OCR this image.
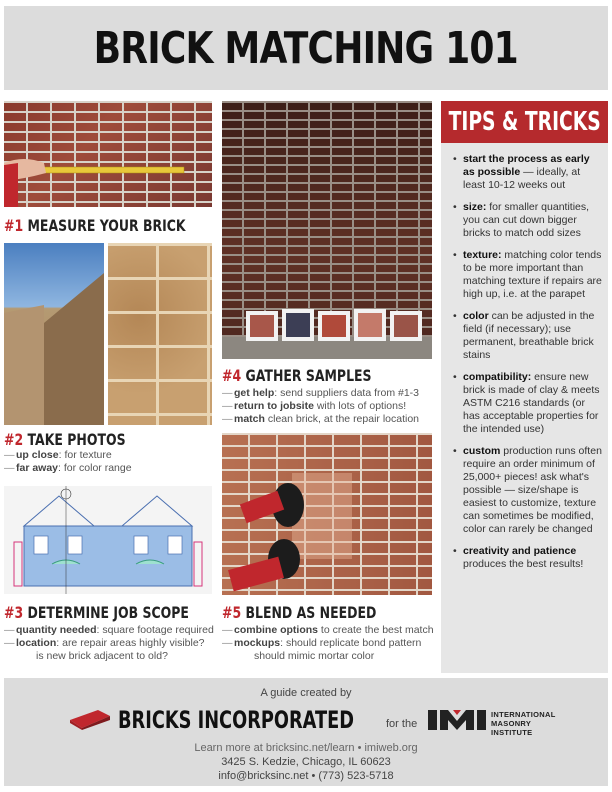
BRICK MATCHING 101
#1 MEASURE YOUR BRICK
#2 TAKE PHOTOS
— up close: for texture
— far away: for color range
#3 DETERMINE JOB SCOPE
— quantity needed: square footage required
— location: are repair areas highly visible?
is new brick adjacent to old?
#4 GATHER SAMPLES
— get help: send suppliers data from #1-3
— return to jobsite with lots of options!
— match clean brick, at the repair location
#5 BLEND AS NEEDED
— combine options to create the best match
— mockups: should replicate bond pattern
should mimic mortar color
TIPS & TRICKS
• start the process as early as possible — ideally, at least 10-12 weeks out
• size: for smaller quantities, you can cut down bigger bricks to match odd sizes
• texture: matching color tends to be more important than matching texture if repairs are high up, i.e. at the parapet
• color can be adjusted in the field (if necessary); use permanent, breathable brick stains
• compatibility: ensure new brick is made of clay & meets ASTM C216 standards (or has acceptable properties for the intended use)
• custom production runs often require an order minimum of 25,000+ pieces! ask what's possible — size/shape is easiest to customize, texture can sometimes be modified, color can rarely be changed
• creativity and patience produces the best results!
A guide created by
BRICKS INCORPORATED	for the
INTERNATIONAL
MASONRY
INSTITUTE
Learn more at bricksinc.net/learn • imiweb.org
3425 S. Kedzie, Chicago, IL 60623
info@bricksinc.net • (773) 523-5718
